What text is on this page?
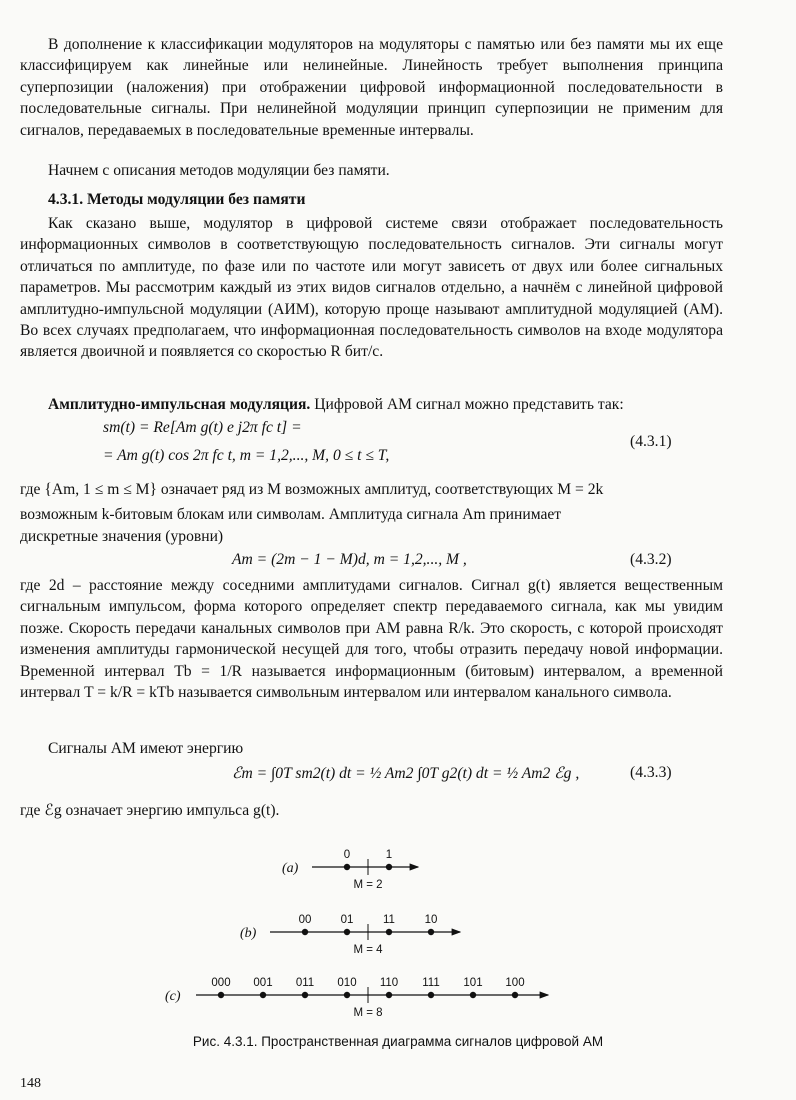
В дополнение к классификации модуляторов на модуляторы с памятью или без памяти мы их еще классифицируем как линейные или нелинейные. Линейность требует выполнения принципа суперпозиции (наложения) при отображении цифровой информационной последовательности в последовательные сигналы. При нелинейной модуляции принцип суперпозиции не применим для сигналов, передаваемых в последовательные временные интервалы.

Начнем с описания методов модуляции без памяти.

4.3.1. Методы модуляции без памяти

Как сказано выше, модулятор в цифровой системе связи отображает последовательность информационных символов в соответствующую последовательность сигналов. Эти сигналы могут отличаться по амплитуде, по фазе или по частоте или могут зависеть от двух или более сигнальных параметров. Мы рассмотрим каждый из этих видов сигналов отдельно, а начнём с линейной цифровой амплитудно-импульсной модуляции (АИМ), которую проще называют амплитудной модуляцией (АМ). Во всех случаях предполагаем, что информационная последовательность символов на входе модулятора является двоичной и появляется со скоростью R бит/с.

Амплитудно-импульсная модуляция. Цифровой АМ сигнал можно представить так:

sm(t) = Re[Am g(t) e j2π fc t] =

= Am g(t) cos 2π fc t, m = 1,2,..., M, 0 ≤ t ≤ T,

(4.3.1)

где {Am, 1 ≤ m ≤ M} означает ряд из M возможных амплитуд, соответствующих M = 2k

возможным k-битовым блокам или символам. Амплитуда сигнала Am принимает

дискретные значения (уровни)

Am = (2m − 1 − M)d, m = 1,2,..., M ,	(4.3.2)

где 2d – расстояние между соседними амплитудами сигналов. Сигнал g(t) является вещественным сигнальным импульсом, форма которого определяет спектр передаваемого сигнала, как мы увидим позже. Скорость передачи канальных символов при АМ равна R/k. Это скорость, с которой происходят изменения амплитуды гармонической несущей для того, чтобы отразить передачу новой информации. Временной интервал Tb = 1/R называется информационным (битовым) интервалом, а временной интервал T = k/R = kTb называется символьным интервалом или интервалом канального символа.

Сигналы АМ имеют энергию

ℰm = ∫0T sm2(t) dt = ½ Am2 ∫0T g2(t) dt = ½ Am2 ℰg ,	(4.3.3)

где ℰg означает энергию импульса g(t).

(a)
M = 2
0	1
(b)
M = 4
00	01	11	10
(c)
M = 8
000 001 011 010 110 111 101 100
Рис. 4.3.1. Пространственная диаграмма сигналов цифровой АМ
148
